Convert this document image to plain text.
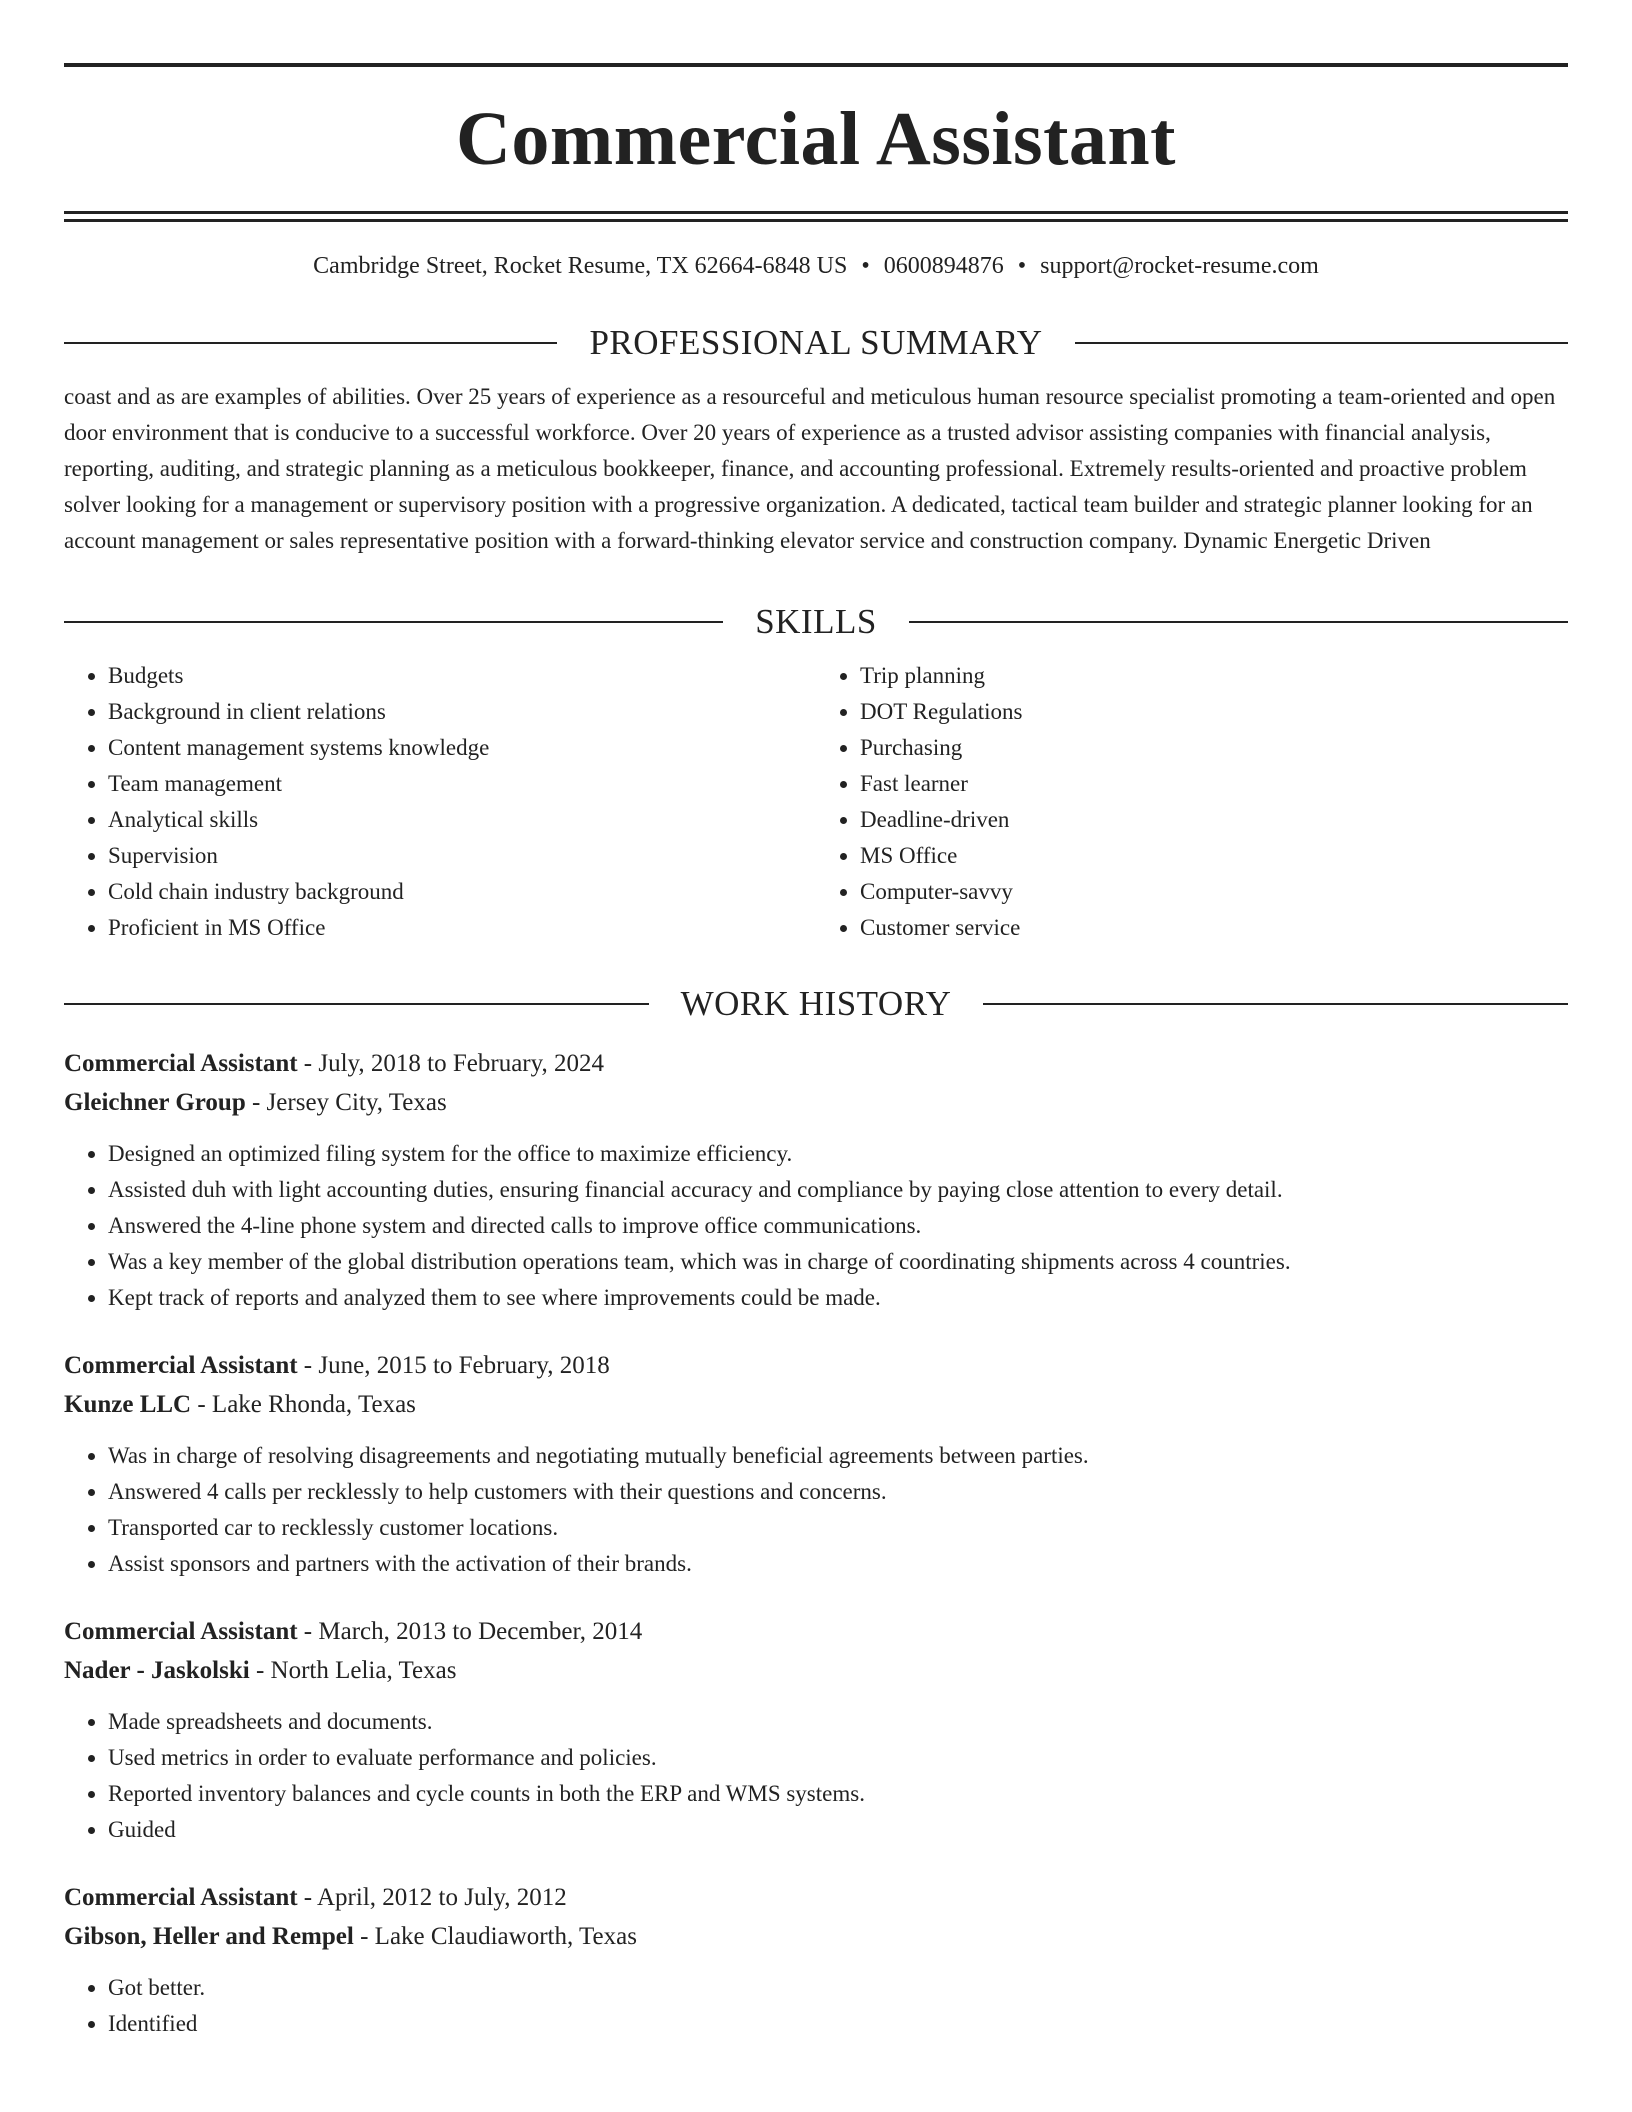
Commercial Assistant
Cambridge Street, Rocket Resume, TX 62664-6848 US • 0600894876 • support@rocket-resume.com
PROFESSIONAL SUMMARY

coast and as are examples of abilities. Over 25 years of experience as a resourceful and meticulous human resource specialist promoting a team-oriented and open door environment that is conducive to a successful workforce. Over 20 years of experience as a trusted advisor assisting companies with financial analysis, reporting, auditing, and strategic planning as a meticulous bookkeeper, finance, and accounting professional. Extremely results-oriented and proactive problem solver looking for a management or supervisory position with a progressive organization. A dedicated, tactical team builder and strategic planner looking for an account management or sales representative position with a forward-thinking elevator service and construction company. Dynamic Energetic Driven

SKILLS
• Budgets
• Background in client relations
• Content management systems knowledge
• Team management
• Analytical skills
• Supervision
• Cold chain industry background
• Proficient in MS Office
• Trip planning
• DOT Regulations
• Purchasing
• Fast learner
• Deadline-driven
• MS Office
• Computer-savvy
• Customer service
WORK HISTORY
Commercial Assistant - July, 2018 to February, 2024
Gleichner Group - Jersey City, Texas
• Designed an optimized filing system for the office to maximize efficiency.
• Assisted duh with light accounting duties, ensuring financial accuracy and compliance by paying close attention to every detail.
• Answered the 4-line phone system and directed calls to improve office communications.
• Was a key member of the global distribution operations team, which was in charge of coordinating shipments across 4 countries.
• Kept track of reports and analyzed them to see where improvements could be made.
Commercial Assistant - June, 2015 to February, 2018
Kunze LLC - Lake Rhonda, Texas
• Was in charge of resolving disagreements and negotiating mutually beneficial agreements between parties.
• Answered 4 calls per recklessly to help customers with their questions and concerns.
• Transported car to recklessly customer locations.
• Assist sponsors and partners with the activation of their brands.
Commercial Assistant - March, 2013 to December, 2014
Nader - Jaskolski - North Lelia, Texas
• Made spreadsheets and documents.
• Used metrics in order to evaluate performance and policies.
• Reported inventory balances and cycle counts in both the ERP and WMS systems.
• Guided
Commercial Assistant - April, 2012 to July, 2012
Gibson, Heller and Rempel - Lake Claudiaworth, Texas
• Got better.
• Identified
